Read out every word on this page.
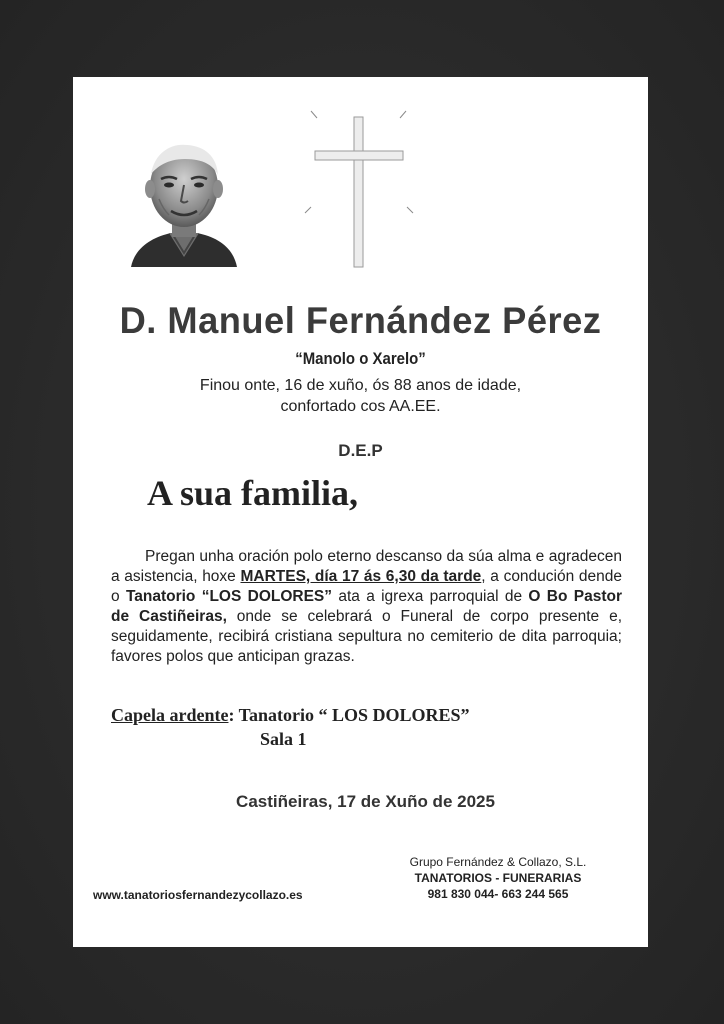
D. Manuel Fernández Pérez
“Manolo o Xarelo”
Finou onte, 16 de xuño, ós 88 anos de idade,
confortado cos AA.EE.
D.E.P
A sua familia,
Pregan unha oración polo eterno descanso da súa alma e agradecen a asistencia, hoxe MARTES, día 17 ás 6,30 da tarde, a condución dende o Tanatorio “LOS DOLORES” ata a igrexa parroquial de O Bo Pastor de Castiñeiras, onde se celebrará o Funeral de corpo presente e, seguidamente, recibirá cristiana sepultura no cemiterio de dita parroquia; favores polos que anticipan grazas.
Capela ardente: Tanatorio “ LOS DOLORES”
Sala 1
Castiñeiras, 17 de Xuño de 2025
Grupo Fernández & Collazo, S.L.
TANATORIOS - FUNERARIAS
981 830 044- 663 244 565
www.tanatoriosfernandezycollazo.es
